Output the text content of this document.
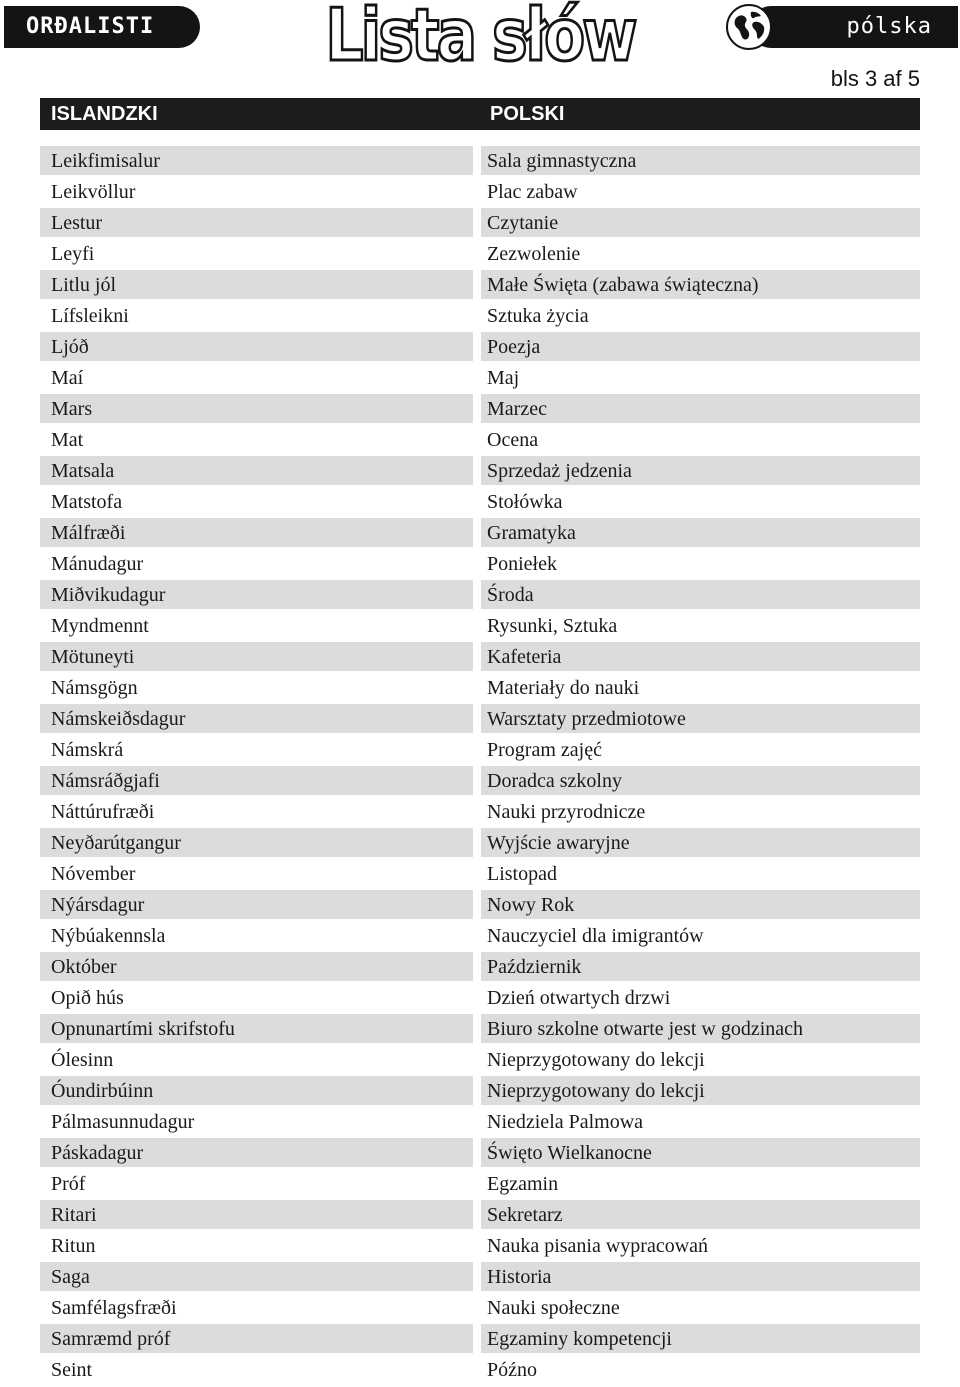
ORÐALISTI	Lista słów	pólska
bls 3 af 5
ISLANDZKI	POLSKI
Leikfimisalur	Sala gimnastyczna
Leikvöllur	Plac zabaw
Lestur	Czytanie
Leyfi	Zezwolenie
Litlu jól	Małe Święta (zabawa świąteczna)
Lífsleikni	Sztuka życia
Ljóð	Poezja
Maí	Maj
Mars	Marzec
Mat	Ocena
Matsala	Sprzedaż jedzenia
Matstofa	Stołówka
Málfræði	Gramatyka
Mánudagur	Poniełek
Miðvikudagur	Środa
Myndmennt	Rysunki, Sztuka
Mötuneyti	Kafeteria
Námsgögn	Materiały do nauki
Námskeiðsdagur	Warsztaty przedmiotowe
Námskrá	Program zajęć
Námsráðgjafi	Doradca szkolny
Náttúrufræði	Nauki przyrodnicze
Neyðarútgangur	Wyjście awaryjne
Nóvember	Listopad
Nýársdagur	Nowy Rok
Nýbúakennsla	Nauczyciel dla imigrantów
Október	Październik
Opið hús	Dzień otwartych drzwi
Opnunartími skrifstofu	Biuro szkolne otwarte jest w godzinach
Ólesinn	Nieprzygotowany do lekcji
Óundirbúinn	Nieprzygotowany do lekcji
Pálmasunnudagur	Niedziela Palmowa
Páskadagur	Święto Wielkanocne
Próf	Egzamin
Ritari	Sekretarz
Ritun	Nauka pisania wypracowań
Saga	Historia
Samfélagsfræði	Nauki społeczne
Samræmd próf	Egzaminy kompetencji
Seint	Późno
